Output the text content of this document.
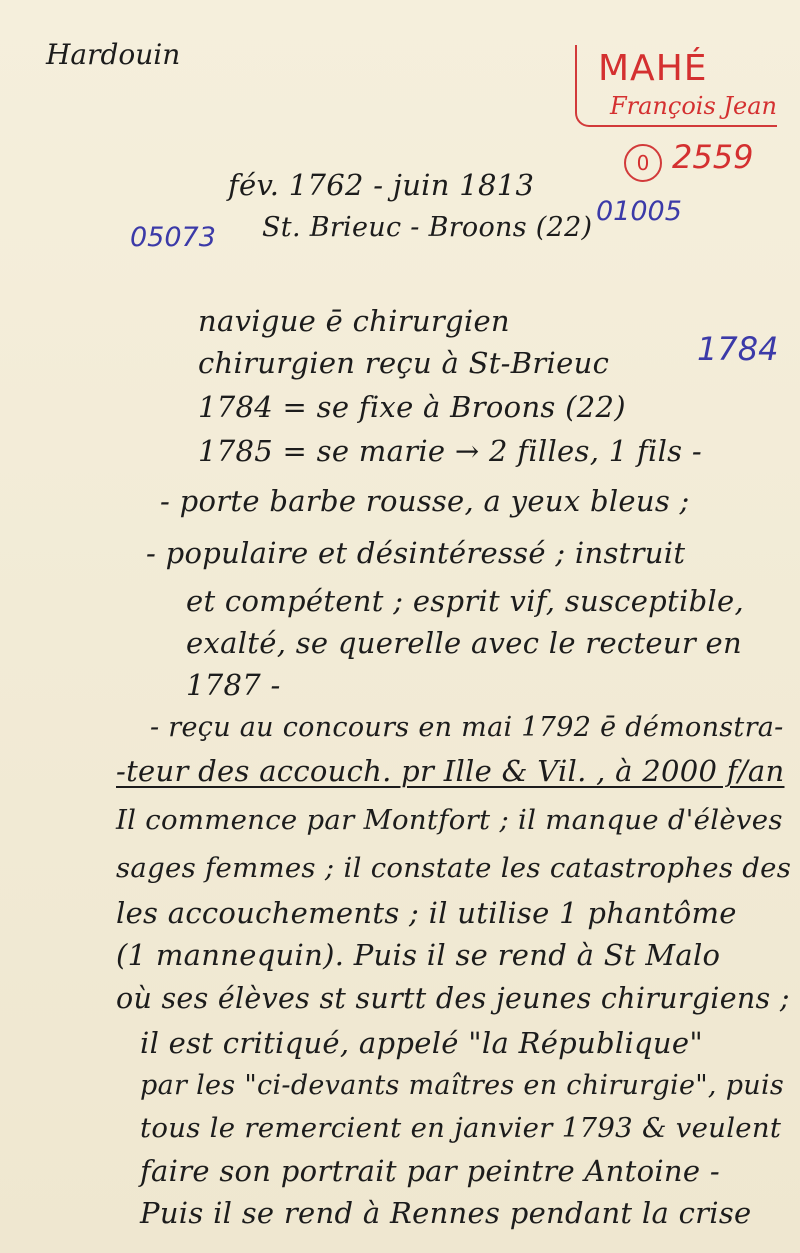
Hardouin	MAHÉ
François Jean
0 2559
fév. 1762 - juin 1813
St. Brieuc - Broons (22)
05073
01005
1784
navigue ē chirurgien
chirurgien reçu à St-Brieuc
1784 = se fixe à Broons (22)
1785 = se marie → 2 filles, 1 fils -
- porte barbe rousse, a yeux bleus ;
- populaire et désintéressé ; instruit
et compétent ; esprit vif, susceptible,
exalté, se querelle avec le recteur en
1787 -
- reçu au concours en mai 1792 ē démonstra-
-teur des accouch. pr Ille & Vil. , à 2000 f/an
Il commence par Montfort ; il manque d'élèves
sages femmes ; il constate les catastrophes des
les accouchements ; il utilise 1 phantôme
(1 mannequin). Puis il se rend à St Malo
où ses élèves st surtt des jeunes chirurgiens ;
il est critiqué, appelé "la République"
par les "ci-devants maîtres en chirurgie", puis
tous le remercient en janvier 1793 & veulent
faire son portrait par peintre Antoine -
Puis il se rend à Rennes pendant la crise
